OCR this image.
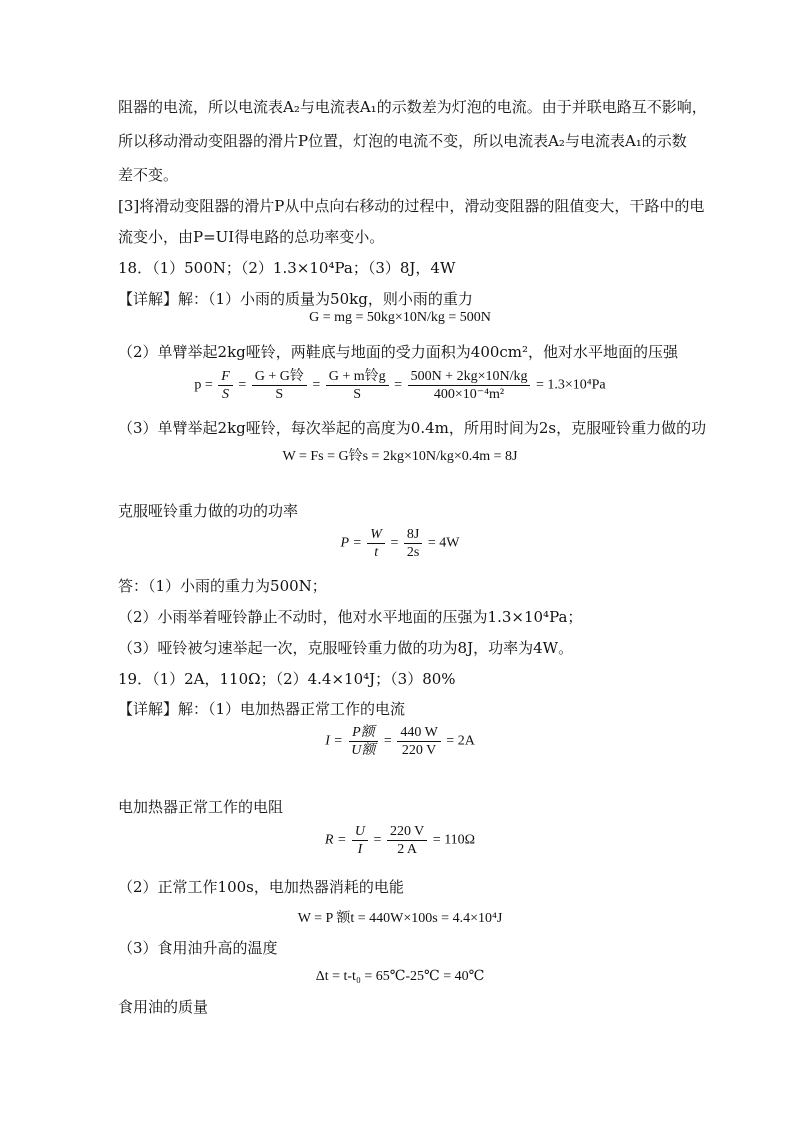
阻器的电流，所以电流表A₂与电流表A₁的示数差为灯泡的电流。由于并联电路互不影响，
所以移动滑动变阻器的滑片P位置，灯泡的电流不变，所以电流表A₂与电流表A₁的示数
差不变。
[3]将滑动变阻器的滑片P从中点向右移动的过程中，滑动变阻器的阻值变大，干路中的电
流变小，由P=UI得电路的总功率变小。
18．（1）500N；（2）1.3×10⁴Pa；（3）8J，4W
【详解】解：（1）小雨的质量为50kg，则小雨的重力
G = mg = 50kg×10N/kg = 500N
（2）单臂举起2kg哑铃，两鞋底与地面的受力面积为400cm²，他对水平地面的压强
$p = \frac{F}{S} = \frac{\text{G + G铃}}{S} = \frac{\text{G + m铃g}}{S} = \frac{500N + 2kg\times 10N/kg}{\text{400×10⁻⁴m²}} = 1.3\times 10^4Pa$
（3）单臂举起2kg哑铃，每次举起的高度为0.4m，所用时间为2s，克服哑铃重力做的功
W = Fs = G铃s = 2kg×10N/kg×0.4m = 8J
克服哑铃重力做的功的功率
$P = \frac{W}{t} = \frac{8J}{2s} = 4W$
答：（1）小雨的重力为500N；
（2）小雨举着哑铃静止不动时，他对水平地面的压强为1.3×10⁴Pa；
（3）哑铃被匀速举起一次，克服哑铃重力做的功为8J，功率为4W。
19．（1）2A，110Ω；（2）4.4×10⁴J；（3）80%
【详解】解：（1）电加热器正常工作的电流
$I = \frac{\text{P额}}{\text{U额}} = \frac{440 W}{220 V} = 2A$
电加热器正常工作的电阻
$R = \frac{U}{I} = \frac{220 V}{2 A} = 110\Omega$
（2）正常工作100s，电加热器消耗的电能
W = P 额t = 440W×100s = 4.4×10⁴J
（3）食用油升高的温度
Δt = t-t₀ = 65℃-25℃ = 40℃
食用油的质量
